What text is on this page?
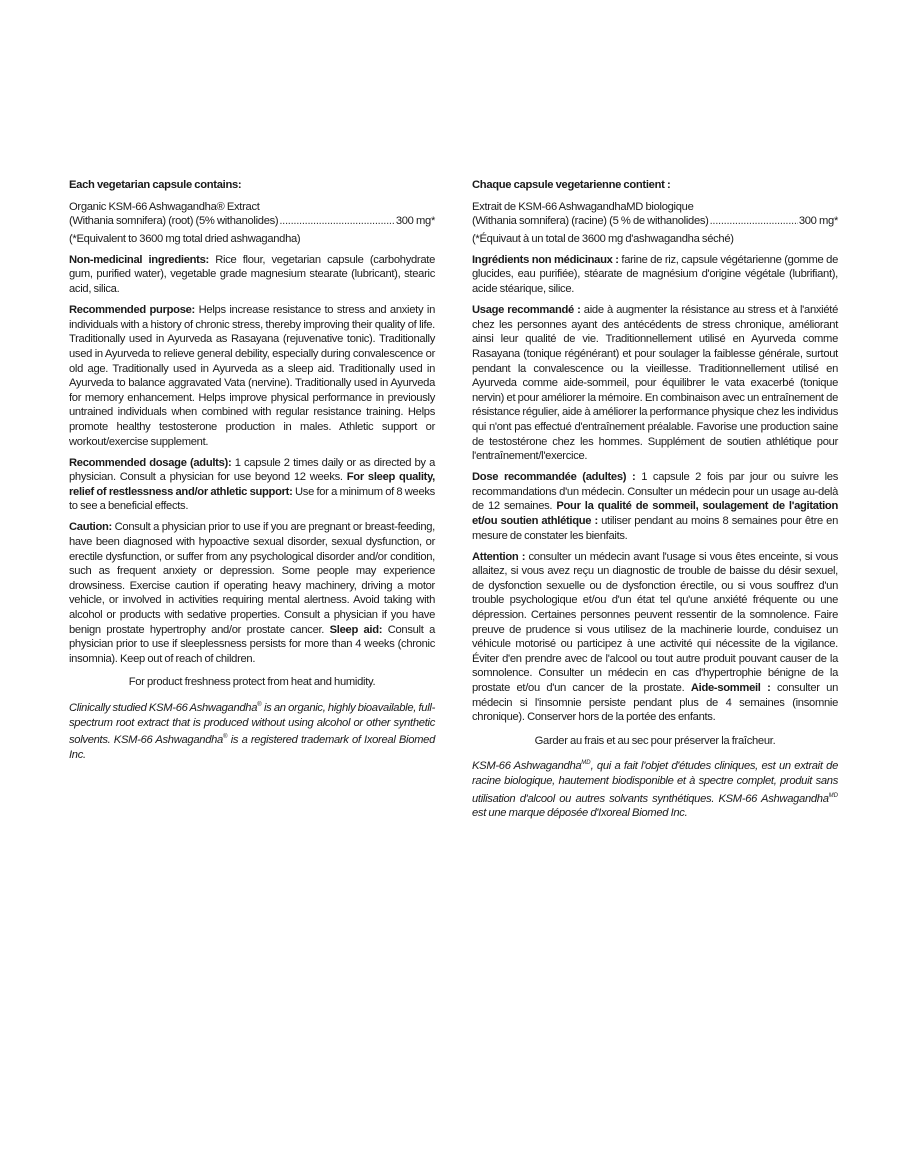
Each vegetarian capsule contains:

Organic KSM-66 Ashwagandha® Extract
(Withania somnifera) (root) (5% withanolides) .....	300 mg*

(*Equivalent to 3600 mg total dried ashwagandha)

Non-medicinal ingredients: Rice flour, vegetarian capsule (carbohydrate gum, purified water), vegetable grade magnesium stearate (lubricant), stearic acid, silica.

Recommended purpose: Helps increase resistance to stress and anxiety in individuals with a history of chronic stress, thereby improving their quality of life. Traditionally used in Ayurveda as Rasayana (rejuvenative tonic). Traditionally used in Ayurveda to relieve general debility, especially during convalescence or old age. Traditionally used in Ayurveda as a sleep aid. Traditionally used in Ayurveda to balance aggravated Vata (nervine). Traditionally used in Ayurveda for memory enhancement. Helps improve physical performance in previously untrained individuals when combined with regular resistance training. Helps promote healthy testosterone production in males. Athletic support or workout/exercise supplement.

Recommended dosage (adults): 1 capsule 2 times daily or as directed by a physician. Consult a physician for use beyond 12 weeks. For sleep quality, relief of restlessness and/or athletic support: Use for a minimum of 8 weeks to see a beneficial effects.

Caution: Consult a physician prior to use if you are pregnant or breast-feeding, have been diagnosed with hypoactive sexual disorder, sexual dysfunction, or erectile dysfunction, or suffer from any psychological disorder and/or condition, such as frequent anxiety or depression. Some people may experience drowsiness. Exercise caution if operating heavy machinery, driving a motor vehicle, or involved in activities requiring mental alertness. Avoid taking with alcohol or products with sedative properties. Consult a physician if you have benign prostate hypertrophy and/or prostate cancer. Sleep aid: Consult a physician prior to use if sleeplessness persists for more than 4 weeks (chronic insomnia). Keep out of reach of children.

For product freshness protect from heat and humidity.

Clinically studied KSM-66 Ashwagandha® is an organic, highly bioavailable, full-spectrum root extract that is produced without using alcohol or other synthetic solvents. KSM-66 Ashwagandha® is a registered trademark of Ixoreal Biomed Inc.

Chaque capsule vegetarienne contient :

Extrait de KSM-66 AshwagandhaMD biologique
(Withania somnifera) (racine) (5 % de withanolides) .....	300 mg*

(*Équivaut à un total de 3600 mg d'ashwagandha séché)

Ingrédients non médicinaux : farine de riz, capsule végétarienne (gomme de glucides, eau purifiée), stéarate de magnésium d'origine végétale (lubrifiant), acide stéarique, silice.

Usage recommandé : aide à augmenter la résistance au stress et à l'anxiété chez les personnes ayant des antécédents de stress chronique, améliorant ainsi leur qualité de vie. Traditionnellement utilisé en Ayurveda comme Rasayana (tonique régénérant) et pour soulager la faiblesse générale, surtout pendant la convalescence ou la vieillesse. Traditionnellement utilisé en Ayurveda comme aide-sommeil, pour équilibrer le vata exacerbé (tonique nervin) et pour améliorer la mémoire. En combinaison avec un entraînement de résistance régulier, aide à améliorer la performance physique chez les individus qui n'ont pas effectué d'entraînement préalable. Favorise une production saine de testostérone chez les hommes. Supplément de soutien athlétique pour l'entraînement/l'exercice.

Dose recommandée (adultes) : 1 capsule 2 fois par jour ou suivre les recommandations d'un médecin. Consulter un médecin pour un usage au-delà de 12 semaines. Pour la qualité de sommeil, soulagement de l'agitation et/ou soutien athlétique : utiliser pendant au moins 8 semaines pour être en mesure de constater les bienfaits.

Attention : consulter un médecin avant l'usage si vous êtes enceinte, si vous allaitez, si vous avez reçu un diagnostic de trouble de baisse du désir sexuel, de dysfonction sexuelle ou de dysfonction érectile, ou si vous souffrez d'un trouble psychologique et/ou d'un état tel qu'une anxiété fréquente ou une dépression. Certaines personnes peuvent ressentir de la somnolence. Faire preuve de prudence si vous utilisez de la machinerie lourde, conduisez un véhicule motorisé ou participez à une activité qui nécessite de la vigilance. Éviter d'en prendre avec de l'alcool ou tout autre produit pouvant causer de la somnolence. Consulter un médecin en cas d'hypertrophie bénigne de la prostate et/ou d'un cancer de la prostate. Aide-sommeil : consulter un médecin si l'insomnie persiste pendant plus de 4 semaines (insomnie chronique). Conserver hors de la portée des enfants.

Garder au frais et au sec pour préserver la fraîcheur.

KSM-66 Ashwagandha$^{MD}$, qui a fait l'objet d'études cliniques, est un extrait de racine biologique, hautement biodisponible et à spectre complet, produit sans utilisation d'alcool ou autres solvants synthétiques. KSM-66 Ashwagandha$^{MD}$ est une marque déposée d'Ixoreal Biomed Inc.
